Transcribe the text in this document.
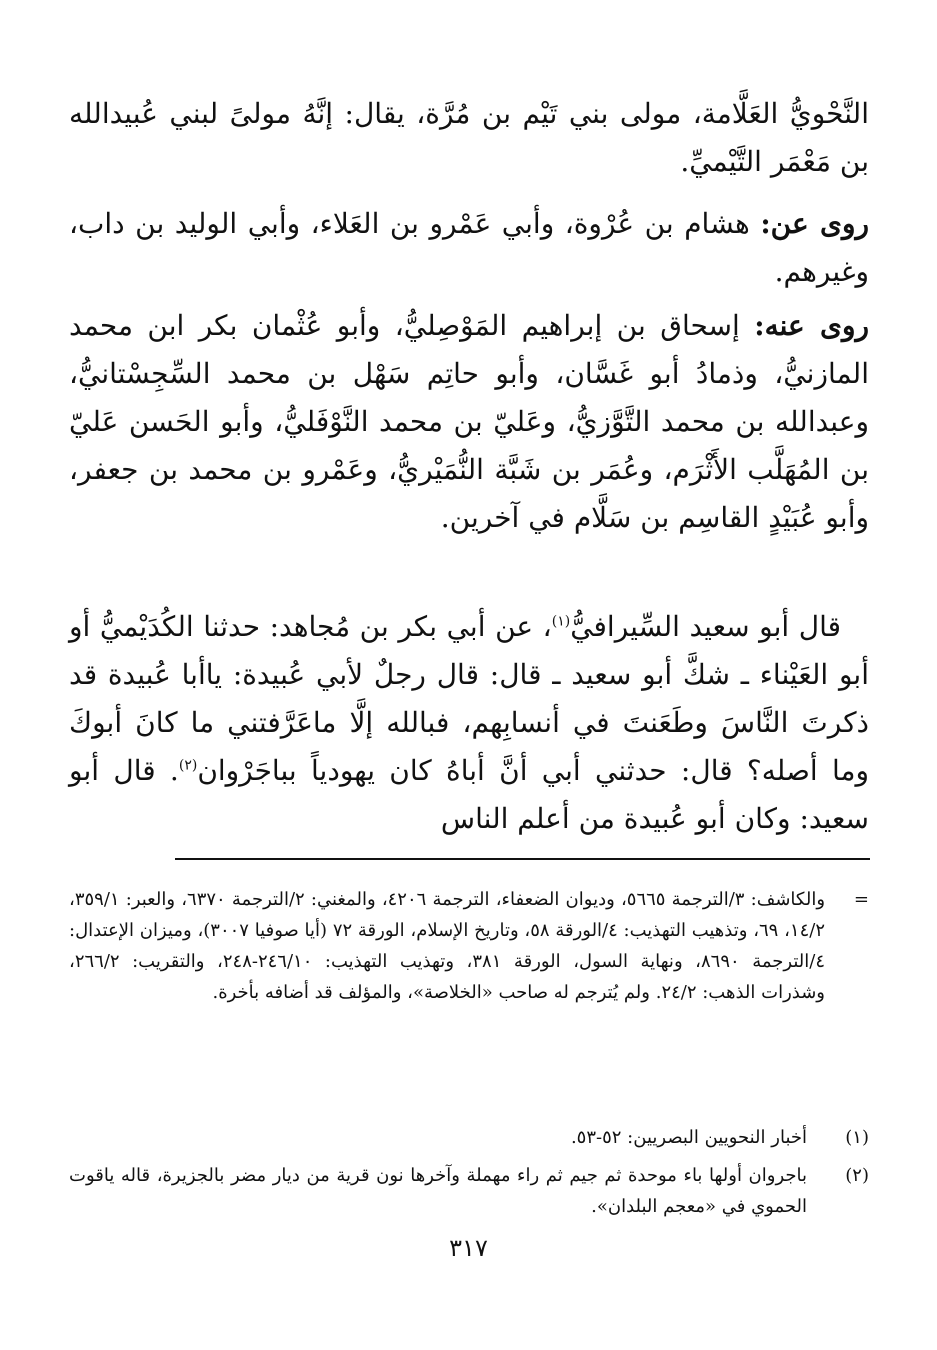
النَّحْويُّ العَلَّامة، مولى بني تَيْم بن مُرَّة، يقال: إنَّهُ مولىً لبني عُبيدالله بن مَعْمَر التَّيْميِّ.

روى عن: هشام بن عُرْوة، وأبي عَمْرو بن العَلاء، وأبي الوليد بن داب، وغيرهم.

روى عنه: إسحاق بن إبراهيم المَوْصِليُّ، وأبو عُثْمان بكر ابن محمد المازنيُّ، وذمادُ أبو غَسَّان، وأبو حاتِم سَهْل بن محمد السِّجِسْتانيُّ، وعبدالله بن محمد التَّوَّزيُّ، وعَليّ بن محمد النَّوْفَليُّ، وأبو الحَسن عَليّ بن المُهَلَّب الأَثْرَم، وعُمَر بن شَبَّة النُّمَيْريُّ، وعَمْرو بن محمد بن جعفر، وأبو عُبَيْدٍ القاسِم بن سَلَّام في آخرين.

قال أبو سعيد السِّيرافيُّ$^{(١)}$، عن أبي بكر بن مُجاهد: حدثنا الكُدَيْميُّ أو أبو العَيْناء ـ شكَّ أبو سعيد ـ قال: قال رجلٌ لأبي عُبيدة: ياأبا عُبيدة قد ذكرتَ النَّاسَ وطَعَنتَ في أنسابِهم، فبالله إلَّا ماعَرَّفتني ما كانَ أبوكَ وما أصله؟ قال: حدثني أبي أنَّ أباهُ كان يهودياً بباجَرْوان$^{(٢)}$. قال أبو سعيد: وكان أبو عُبيدة من أعلم الناس

=
والكاشف: ٣/الترجمة ٥٦٦٥، وديوان الضعفاء، الترجمة ٤٢٠٦، والمغني: ٢/الترجمة ٦٣٧٠، والعبر: ٣٥٩/١، ١٤/٢، ٦٩، وتذهيب التهذيب: ٤/الورقة ٥٨، وتاريخ الإسلام، الورقة ٧٢ (أيا صوفيا ٣٠٠٧)، وميزان الإعتدال: ٤/الترجمة ٨٦٩٠، ونهاية السول، الورقة ٣٨١، وتهذيب التهذيب: ٢٤٦/١٠-٢٤٨، والتقريب: ٢٦٦/٢، وشذرات الذهب: ٢٤/٢. ولم يُترجم له صاحب «الخلاصة»، والمؤلف قد أضافه بأخرة.
(١)
أخبار النحويين البصريين: ٥٢-٥٣.
(٢)
باجروان أولها باء موحدة ثم جيم ثم راء مهملة وآخرها نون قرية من ديار مضر بالجزيرة، قاله ياقوت الحموي في «معجم البلدان».
٣١٧
